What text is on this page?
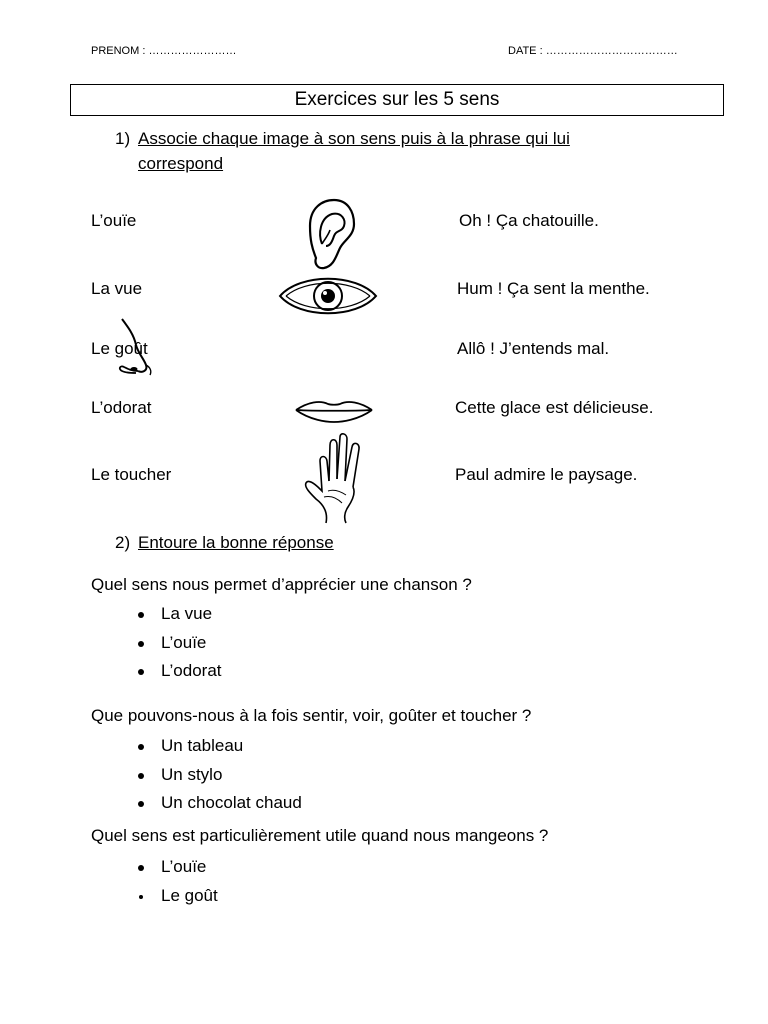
PRENOM : ……………………	DATE : ………………………………
Exercices sur les 5 sens
1) Associe chaque image à son sens puis à la phrase qui lui
correspond
L’ouïe
La vue
Le goût
L’odorat
Le toucher
Oh ! Ça chatouille.
Hum ! Ça sent la menthe.
Allô ! J’entends mal.
Cette glace est délicieuse.
Paul admire le paysage.
2) Entoure la bonne réponse
Quel sens nous permet d’apprécier une chanson ?
La vue
L’ouïe
L’odorat
Que pouvons-nous à la fois sentir, voir, goûter et toucher ?
Un tableau
Un stylo
Un chocolat chaud
Quel sens est particulièrement utile quand nous mangeons ?
L’ouïe
Le goût
